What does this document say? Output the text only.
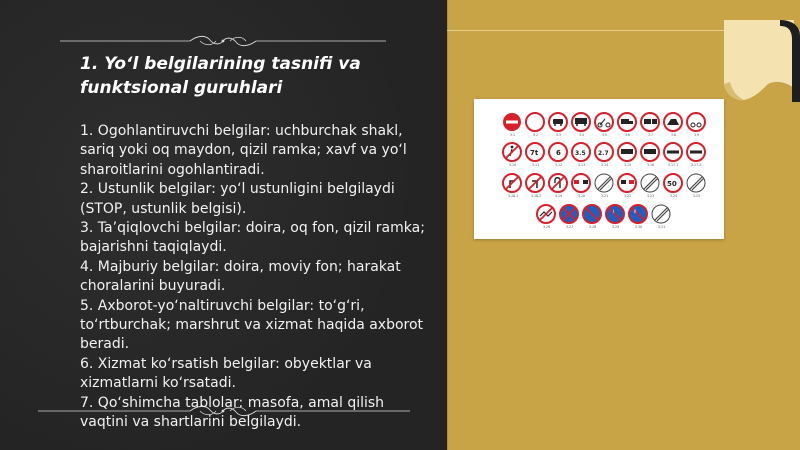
1. Yo‘l belgilarining tasnifi va
funktsional guruhlari

1. Ogohlantiruvchi belgilar: uchburchak shakl, sariq yoki oq maydon, qizil ramka; xavf va yo‘l sharoitlarini ogohlantiradi.

2. Ustunlik belgilar: yo‘l ustunligini belgilaydi (STOP, ustunlik belgisi).

3. Ta’qiqlovchi belgilar: doira, oq fon, qizil ramka; bajarishni taqiqlaydi.

4. Majburiy belgilar: doira, moviy fon; harakat choralarini buyuradi.

5. Axborot-yo‘naltiruvchi belgilar: to‘g‘ri, to‘rtburchak; marshrut va xizmat haqida axborot beradi.

6. Xizmat ko‘rsatish belgilar: obyektlar va xizmatlarni ko‘rsatadi.

7. Qo‘shimcha tablolar: masofa, amal qilish vaqtini va shartlarini belgilaydi.

3.1	3.2	3.3	3.4	3.5	3.6	3.7	3.8	3.9
7t	6 3.5 2.7
3.10	3.11	3.12	3.13	3.14	3.15	3.16	3.17.1	3.17.2
50
3.18.1	3.18.2	3.19	3.20	3.21	3.22	3.23	3.24	3.25
I	II
3.26	3.27	3.28	3.29	3.30	3.31
